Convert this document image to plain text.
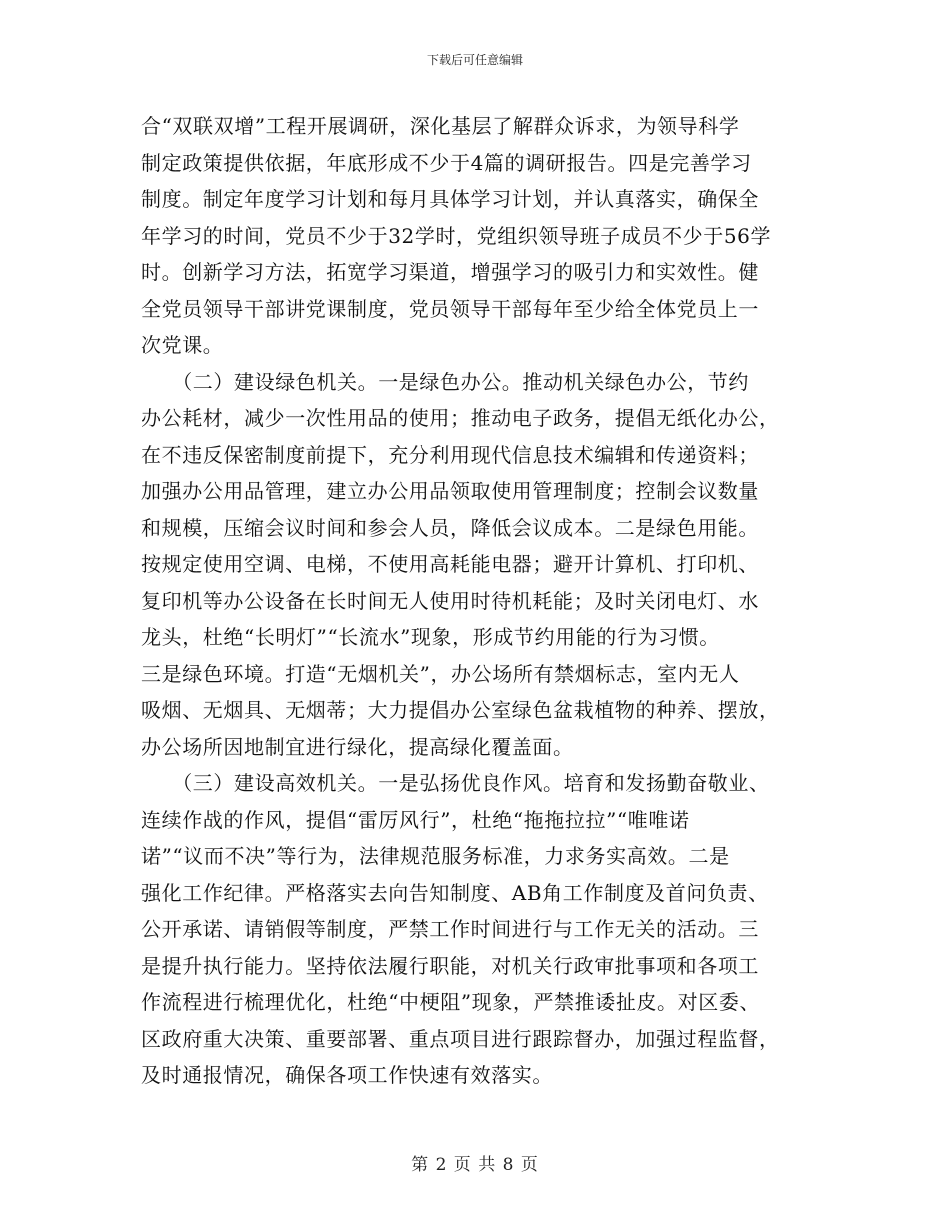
下载后可任意编辑
合“双联双增”工程开展调研，深化基层了解群众诉求，为领导科学
制定政策提供依据，年底形成不少于4篇的调研报告。四是完善学习
制度。制定年度学习计划和每月具体学习计划，并认真落实，确保全
年学习的时间，党员不少于32学时，党组织领导班子成员不少于56学
时。创新学习方法，拓宽学习渠道，增强学习的吸引力和实效性。健
全党员领导干部讲党课制度，党员领导干部每年至少给全体党员上一
次党课。
　　（二）建设绿色机关。一是绿色办公。推动机关绿色办公，节约
办公耗材，减少一次性用品的使用；推动电子政务，提倡无纸化办公，
在不违反保密制度前提下，充分利用现代信息技术编辑和传递资料；
加强办公用品管理，建立办公用品领取使用管理制度；控制会议数量
和规模，压缩会议时间和参会人员，降低会议成本。二是绿色用能。
按规定使用空调、电梯，不使用高耗能电器；避开计算机、打印机、
复印机等办公设备在长时间无人使用时待机耗能；及时关闭电灯、水
龙头，杜绝“长明灯”“长流水”现象，形成节约用能的行为习惯。
三是绿色环境。打造“无烟机关”，办公场所有禁烟标志，室内无人
吸烟、无烟具、无烟蒂；大力提倡办公室绿色盆栽植物的种养、摆放，
办公场所因地制宜进行绿化，提高绿化覆盖面。
　　（三）建设高效机关。一是弘扬优良作风。培育和发扬勤奋敬业、
连续作战的作风，提倡“雷厉风行”，杜绝“拖拖拉拉”“唯唯诺
诺”“议而不决”等行为，法律规范服务标准，力求务实高效。二是
强化工作纪律。严格落实去向告知制度、AB角工作制度及首问负责、
公开承诺、请销假等制度，严禁工作时间进行与工作无关的活动。三
是提升执行能力。坚持依法履行职能，对机关行政审批事项和各项工
作流程进行梳理优化，杜绝“中梗阻”现象，严禁推诿扯皮。对区委、
区政府重大决策、重要部署、重点项目进行跟踪督办，加强过程监督，
及时通报情况，确保各项工作快速有效落实。
第 2 页 共 8 页
